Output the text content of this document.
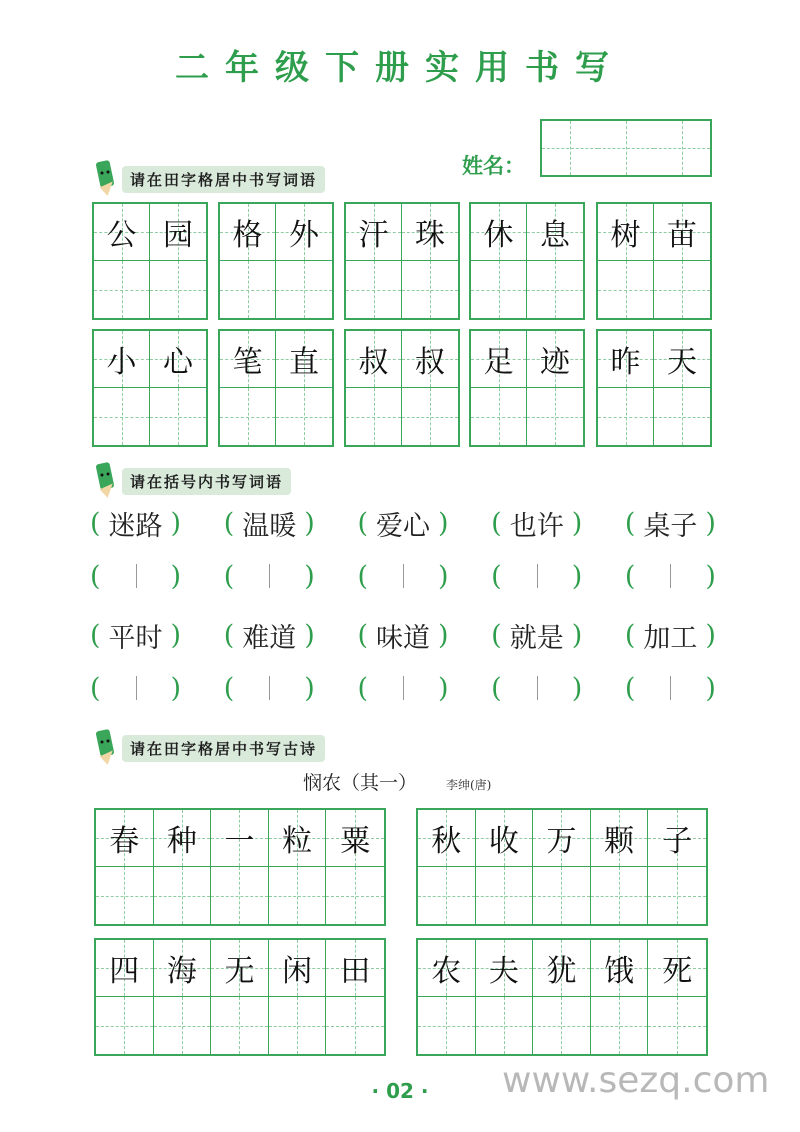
二年级下册实用书写
姓名：
请在田字格居中书写词语
公 园 格 外 汗 珠 休 息 树 苗
小 心 笔 直 叔 叔 足 迹 昨 天
请在括号内书写词语
( 迷路 ) ( 温暖 ) ( 爱心 ) ( 也许 ) ( 桌子 )
(	) (	) (	) (	) (	)
( 平时 ) ( 难道 ) ( 味道 ) ( 就是 ) ( 加工 )
(	) (	) (	) (	) (	)
请在田字格居中书写古诗
悯农（其一）	李绅(唐)
春 种 一 粒 粟 秋 收 万 颗 子
四 海 无 闲 田 农 夫 犹 饿 死
· 02 ·	www.sezq.com
